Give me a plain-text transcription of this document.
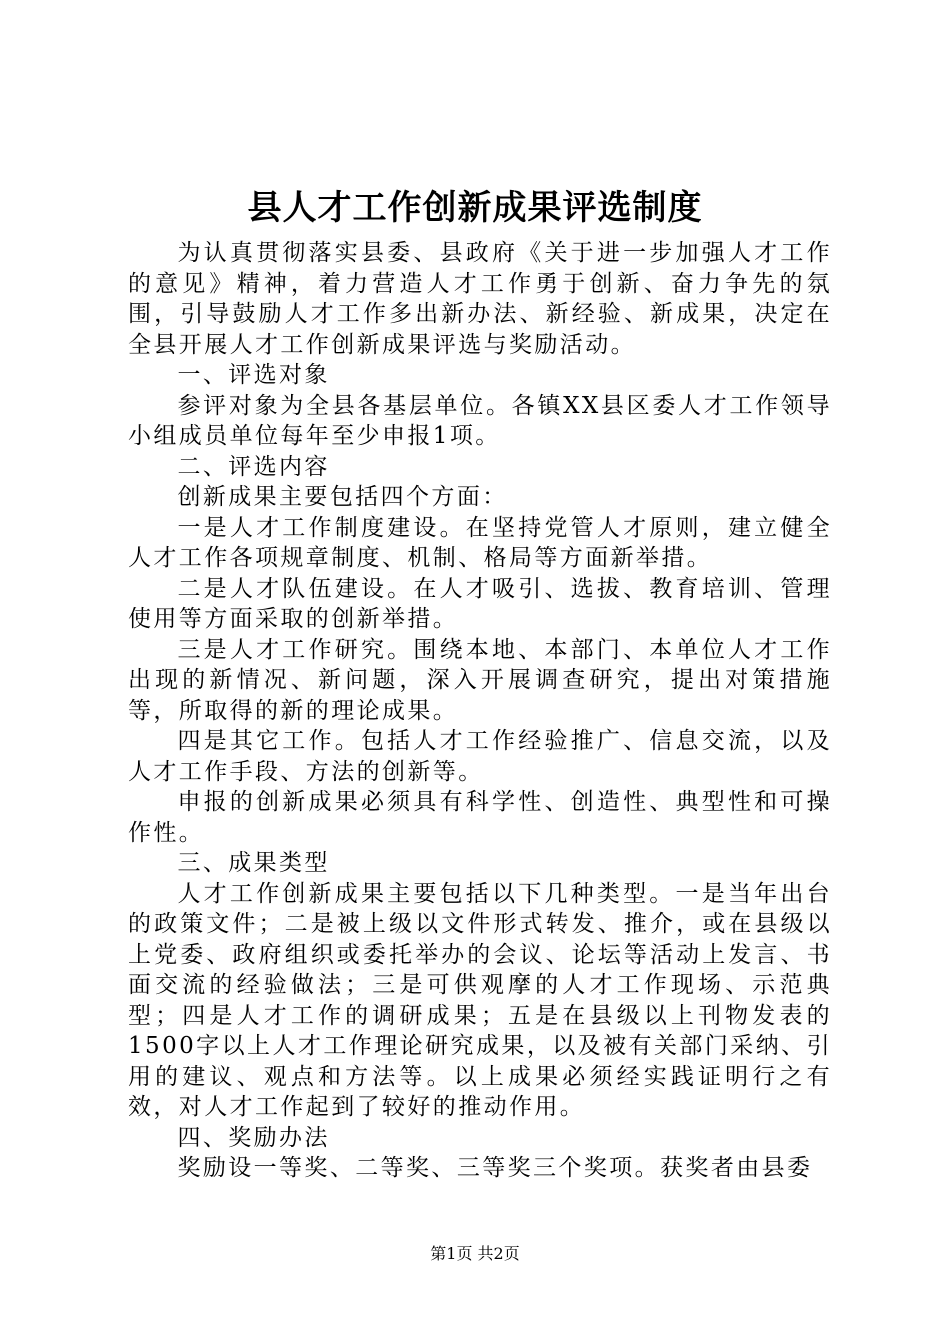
县人才工作创新成果评选制度

为认真贯彻落实县委、县政府《关于进一步加强人才工作的意见》精神，着力营造人才工作勇于创新、奋力争先的氛围，引导鼓励人才工作多出新办法、新经验、新成果，决定在全县开展人才工作创新成果评选与奖励活动。

一、评选对象

参评对象为全县各基层单位。各镇XX县区委人才工作领导小组成员单位每年至少申报1项。

二、评选内容

创新成果主要包括四个方面：

一是人才工作制度建设。在坚持党管人才原则，建立健全人才工作各项规章制度、机制、格局等方面新举措。

二是人才队伍建设。在人才吸引、选拔、教育培训、管理使用等方面采取的创新举措。

三是人才工作研究。围绕本地、本部门、本单位人才工作出现的新情况、新问题，深入开展调查研究，提出对策措施等，所取得的新的理论成果。

四是其它工作。包括人才工作经验推广、信息交流，以及人才工作手段、方法的创新等。

申报的创新成果必须具有科学性、创造性、典型性和可操作性。

三、成果类型

人才工作创新成果主要包括以下几种类型。一是当年出台的政策文件；二是被上级以文件形式转发、推介，或在县级以上党委、政府组织或委托举办的会议、论坛等活动上发言、书面交流的经验做法；三是可供观摩的人才工作现场、示范典型；四是人才工作的调研成果；五是在县级以上刊物发表的1500字以上人才工作理论研究成果，以及被有关部门采纳、引用的建议、观点和方法等。以上成果必须经实践证明行之有效，对人才工作起到了较好的推动作用。

四、奖励办法

奖励设一等奖、二等奖、三等奖三个奖项。获奖者由县委

第1页 共2页
